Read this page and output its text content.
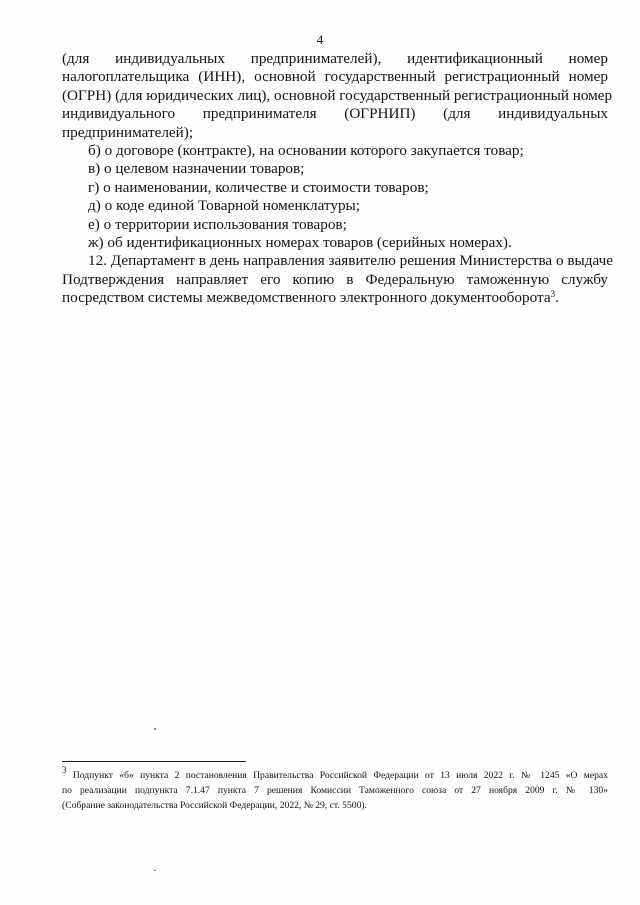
4
(для индивидуальных предпринимателей), идентификационный номер
налогоплательщика (ИНН), основной государственный регистрационный номер
(ОГРН) (для юридических лиц), основной государственный регистрационный номер
индивидуального предпринимателя (ОГРНИП) (для индивидуальных
предпринимателей);
б) о договоре (контракте), на основании которого закупается товар;
в) о целевом назначении товаров;
г) о наименовании, количестве и стоимости товаров;
д) о коде единой Товарной номенклатуры;
е) о территории использования товаров;
ж) об идентификационных номерах товаров (серийных номерах).
12. Департамент в день направления заявителю решения Министерства о выдаче
Подтверждения направляет его копию в Федеральную таможенную службу
посредством системы межведомственного электронного документооборота$^3$.
$^3$ Подпункт «б» пункта 2 постановления Правительства Российской Федерации от 13 июля 2022 г. № 1245 «О мерах
по реализации подпункта 7.1.47 пункта 7 решения Комиссии Таможенного союза от 27 ноября 2009 г. № 130»
(Собрание законодательства Российской Федерации, 2022, № 29, ст. 5500).
